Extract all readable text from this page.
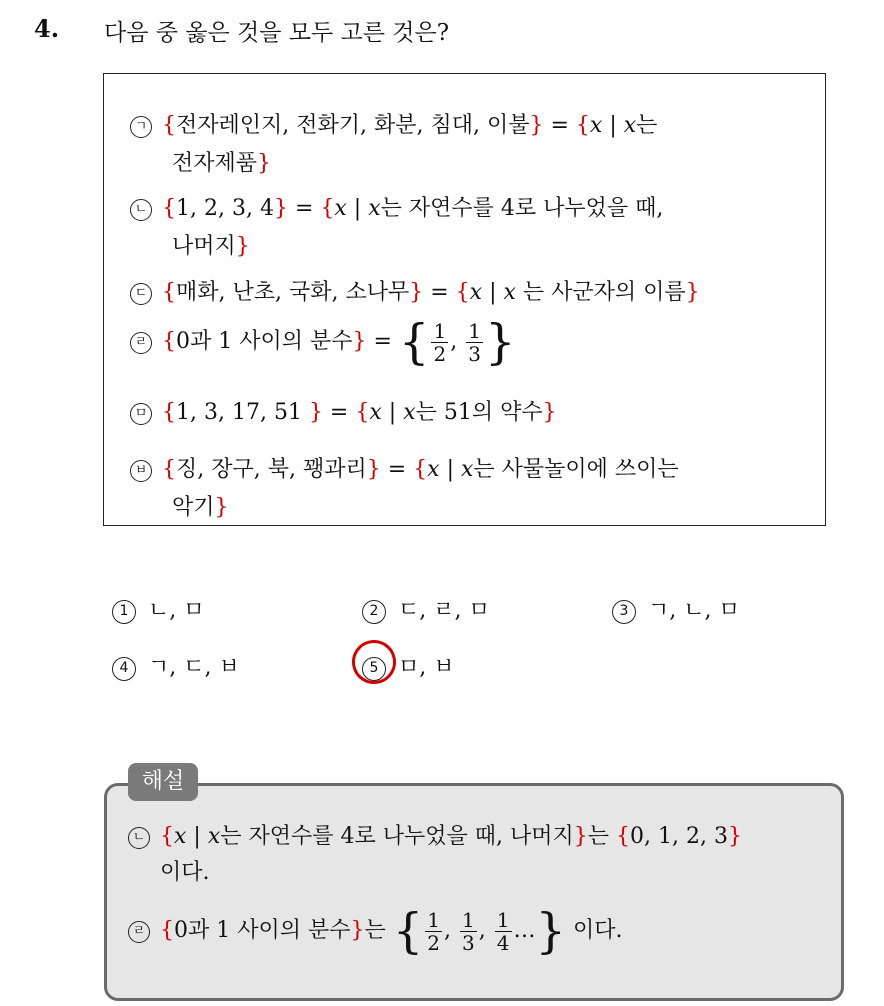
4. 다음 중 옳은 것을 모두 고른 것은?
ㄱ {전자레인지, 전화기, 화분, 침대, 이불} = {x | x는
전자제품}
ㄴ {1, 2, 3, 4} = {x | x는 자연수를 4로 나누었을 때,
나머지}
ㄷ {매화, 난초, 국화, 소나무} = {x | x 는 사군자의 이름}
ㄹ {0과 1 사이의 분수} = { $\frac{1}{2}$ , $\frac{1}{3}$ }
ㅁ {1, 3, 17, 51 } = {x | x는 51의 약수}
ㅂ {징, 장구, 북, 꽹과리} = {x | x는 사물놀이에 쓰이는
악기}
1 ㄴ, ㅁ	2 ㄷ, ㄹ, ㅁ	3 ㄱ, ㄴ, ㅁ
4 ㄱ, ㄷ, ㅂ	5 ㅁ, ㅂ
해설
ㄴ {x | x는 자연수를 4로 나누었을 때, 나머지}는 {0, 1, 2, 3}
이다.
ㄹ {0과 1 사이의 분수}는 { $\frac{1}{2}$ , $\frac{1}{3}$ , $\frac{1}{4}$ …} 이다.
